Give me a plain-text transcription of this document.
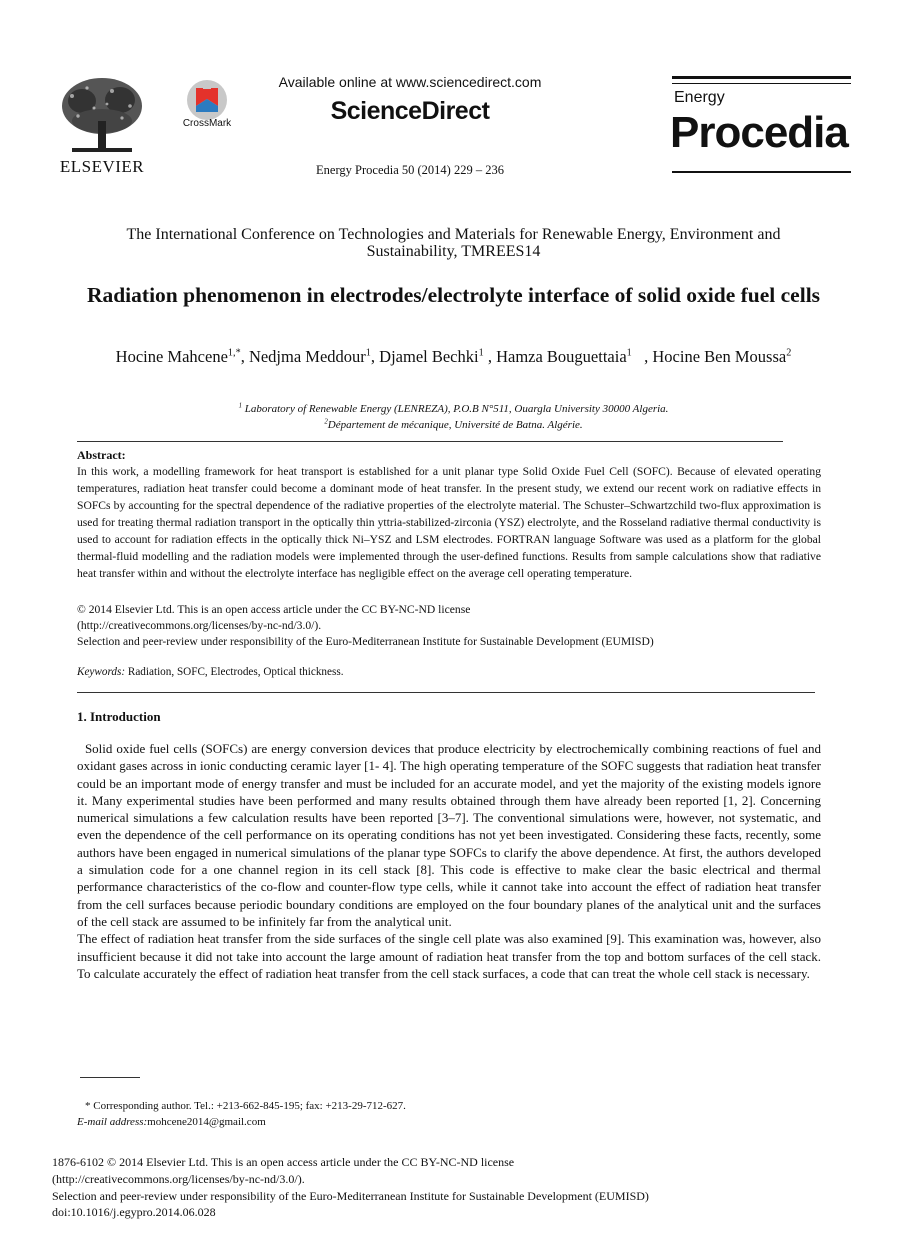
ELSEVIER
CrossMark
Available online at www.sciencedirect.com
ScienceDirect
Energy Procedia 50 (2014) 229 – 236
Energy
Procedia
The International Conference on Technologies and Materials for Renewable Energy, Environment and Sustainability, TMREES14
Radiation phenomenon in electrodes/electrolyte interface of solid oxide fuel cells
Hocine Mahcene$^{1,*}$, Nedjma Meddour$^1$, Djamel Bechki$^1$ , Hamza Bouguettaia$^1$   , Hocine Ben Moussa$^2$
$^1$ Laboratory of Renewable Energy (LENREZA), P.O.B N°511, Ouargla University 30000 Algeria.
$^2$Département de mécanique, Université de Batna. Algérie.
Abstract:
In this work, a modelling framework for heat transport is established for a unit planar type Solid Oxide Fuel Cell (SOFC). Because of elevated operating temperatures, radiation heat transfer could become a dominant mode of heat transfer. In the present study, we extend our recent work on radiative effects in SOFCs by accounting for the spectral dependence of the radiative properties of the electrolyte material. The Schuster–Schwartzchild two-flux approximation is used for treating thermal radiation transport in the optically thin yttria-stabilized-zirconia (YSZ) electrolyte, and the Rosseland radiative thermal conductivity is used to account for radiation effects in the optically thick Ni–YSZ and LSM electrodes. FORTRAN language Software was used as a platform for the global thermal-fluid modelling and the radiation models were implemented through the user-defined functions. Results from sample calculations show that radiative heat transfer within and without the electrolyte interface has negligible effect on the average cell operating temperature.
© 2014 Elsevier Ltd. This is an open access article under the CC BY-NC-ND license
(http://creativecommons.org/licenses/by-nc-nd/3.0/).
Selection and peer-review under responsibility of the Euro-Mediterranean Institute for Sustainable Development (EUMISD)
Keywords: Radiation, SOFC, Electrodes, Optical thickness.
1. Introduction

Solid oxide fuel cells (SOFCs) are energy conversion devices that produce electricity by electrochemically combining reactions of fuel and oxidant gases across in ionic conducting ceramic layer [1- 4]. The high operating temperature of the SOFC suggests that radiation heat transfer could be an important mode of energy transfer and must be included for an accurate model, and yet the majority of the existing models ignore it. Many experimental studies have been performed and many results obtained through them have already been reported [1, 2]. Concerning numerical simulations a few calculation results have been reported [3–7]. The conventional simulations were, however, not systematic, and even the dependence of the cell performance on its operating conditions has not yet been investigated. Considering these facts, recently, some authors have been engaged in numerical simulations of the planar type SOFCs to clarify the above dependence. At first, the authors developed a simulation code for a one channel region in its cell stack [8]. This code is effective to make clear the basic electrical and thermal performance characteristics of the co-flow and counter-flow type cells, while it cannot take into account the effect of radiation heat transfer from the cell surfaces because periodic boundary conditions are employed on the four boundary planes of the analytical unit and the surfaces of the cell stack are assumed to be infinitely far from the analytical unit.

The effect of radiation heat transfer from the side surfaces of the single cell plate was also examined [9]. This examination was, however, also insufficient because it did not take into account the large amount of radiation heat transfer from the top and bottom surfaces of the cell stack. To calculate accurately the effect of radiation heat transfer from the cell stack surfaces, a code that can treat the whole cell stack is necessary.

* Corresponding author. Tel.: +213-662-845-195; fax: +213-29-712-627.
E-mail address:mohcene2014@gmail.com
1876-6102 © 2014 Elsevier Ltd. This is an open access article under the CC BY-NC-ND license
(http://creativecommons.org/licenses/by-nc-nd/3.0/).
Selection and peer-review under responsibility of the Euro-Mediterranean Institute for Sustainable Development (EUMISD)
doi:10.1016/j.egypro.2014.06.028
